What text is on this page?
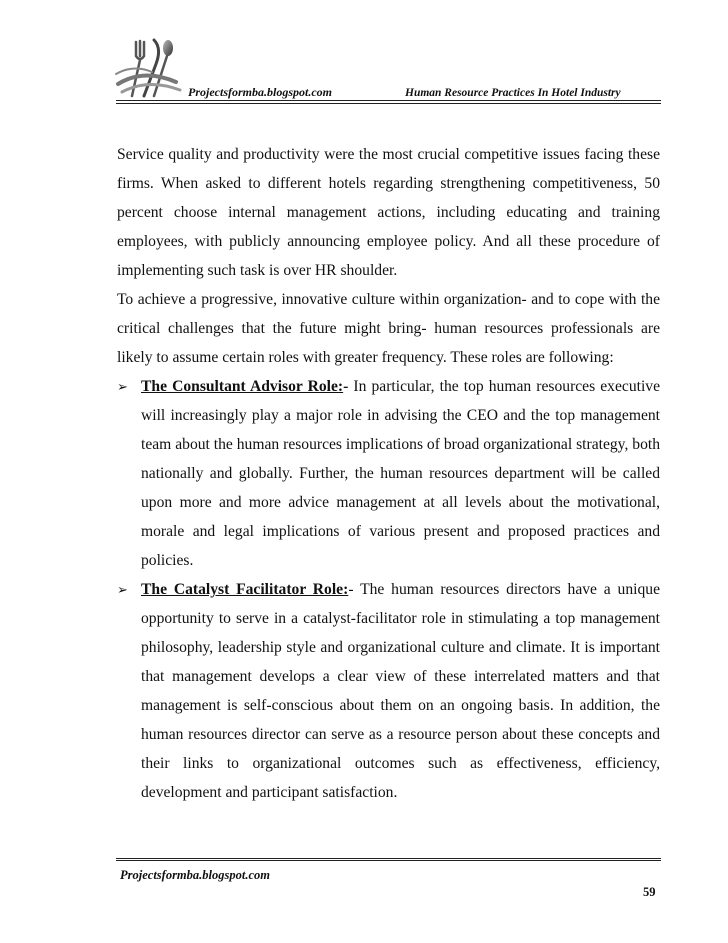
Projectsformba.blogspot.com	Human Resource Practices In Hotel Industry

Service quality and productivity were the most crucial competitive issues facing these firms. When asked to different hotels regarding strengthening competitiveness, 50 percent choose internal management actions, including educating and training employees, with publicly announcing employee policy. And all these procedure of implementing such task is over HR shoulder.

To achieve a progressive, innovative culture within organization- and to cope with the critical challenges that the future might bring- human resources professionals are likely to assume certain roles with greater frequency. These roles are following:

➢ The Consultant Advisor Role:- In particular, the top human resources executive will increasingly play a major role in advising the CEO and the top management team about the human resources implications of broad organizational strategy, both nationally and globally. Further, the human resources department will be called upon more and more advice management at all levels about the motivational, morale and legal implications of various present and proposed practices and policies.

➢ The Catalyst Facilitator Role:- The human resources directors have a unique opportunity to serve in a catalyst-facilitator role in stimulating a top management philosophy, leadership style and organizational culture and climate. It is important that management develops a clear view of these interrelated matters and that management is self-conscious about them on an ongoing basis. In addition, the human resources director can serve as a resource person about these concepts and their links to organizational outcomes such as effectiveness, efficiency, development and participant satisfaction.

Projectsformba.blogspot.com
59
